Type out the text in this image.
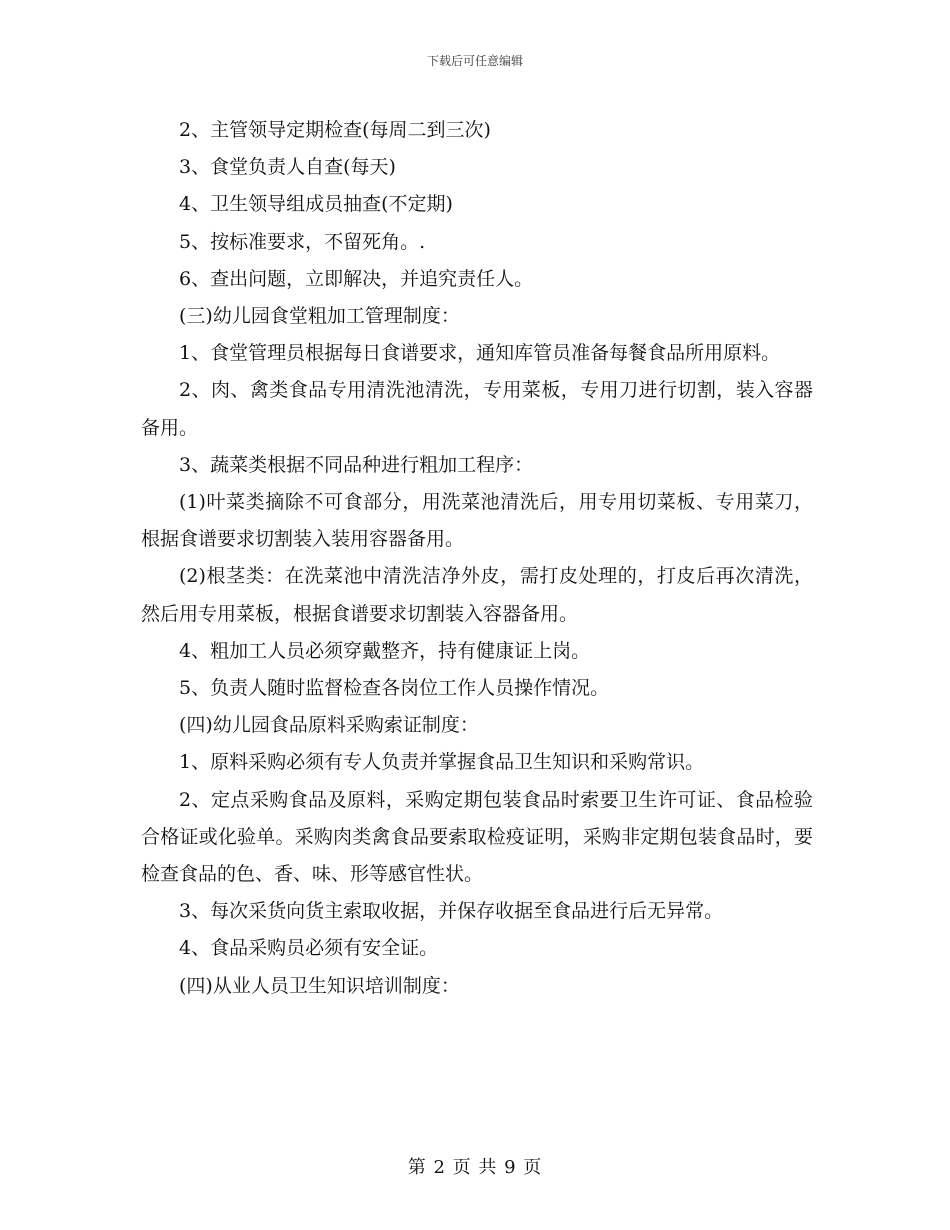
下载后可任意编辑

2、主管领导定期检查(每周二到三次)

3、食堂负责人自查(每天)

4、卫生领导组成员抽查(不定期)

5、按标准要求，不留死角。.

6、查出问题，立即解决，并追究责任人。

(三)幼儿园食堂粗加工管理制度：

1、食堂管理员根据每日食谱要求，通知库管员准备每餐食品所用原料。

2、肉、禽类食品专用清洗池清洗，专用菜板，专用刀进行切割，装入容器备用。

3、蔬菜类根据不同品种进行粗加工程序：

(1)叶菜类摘除不可食部分，用洗菜池清洗后，用专用切菜板、专用菜刀，根据食谱要求切割装入装用容器备用。

(2)根茎类：在洗菜池中清洗洁净外皮，需打皮处理的，打皮后再次清洗，然后用专用菜板，根据食谱要求切割装入容器备用。

4、粗加工人员必须穿戴整齐，持有健康证上岗。

5、负责人随时监督检查各岗位工作人员操作情况。

(四)幼儿园食品原料采购索证制度：

1、原料采购必须有专人负责并掌握食品卫生知识和采购常识。

2、定点采购食品及原料，采购定期包装食品时索要卫生许可证、食品检验合格证或化验单。采购肉类禽食品要索取检疫证明，采购非定期包装食品时，要检查食品的色、香、味、形等感官性状。

3、每次采货向货主索取收据，并保存收据至食品进行后无异常。

4、食品采购员必须有安全证。

(四)从业人员卫生知识培训制度：

第 2 页 共 9 页
